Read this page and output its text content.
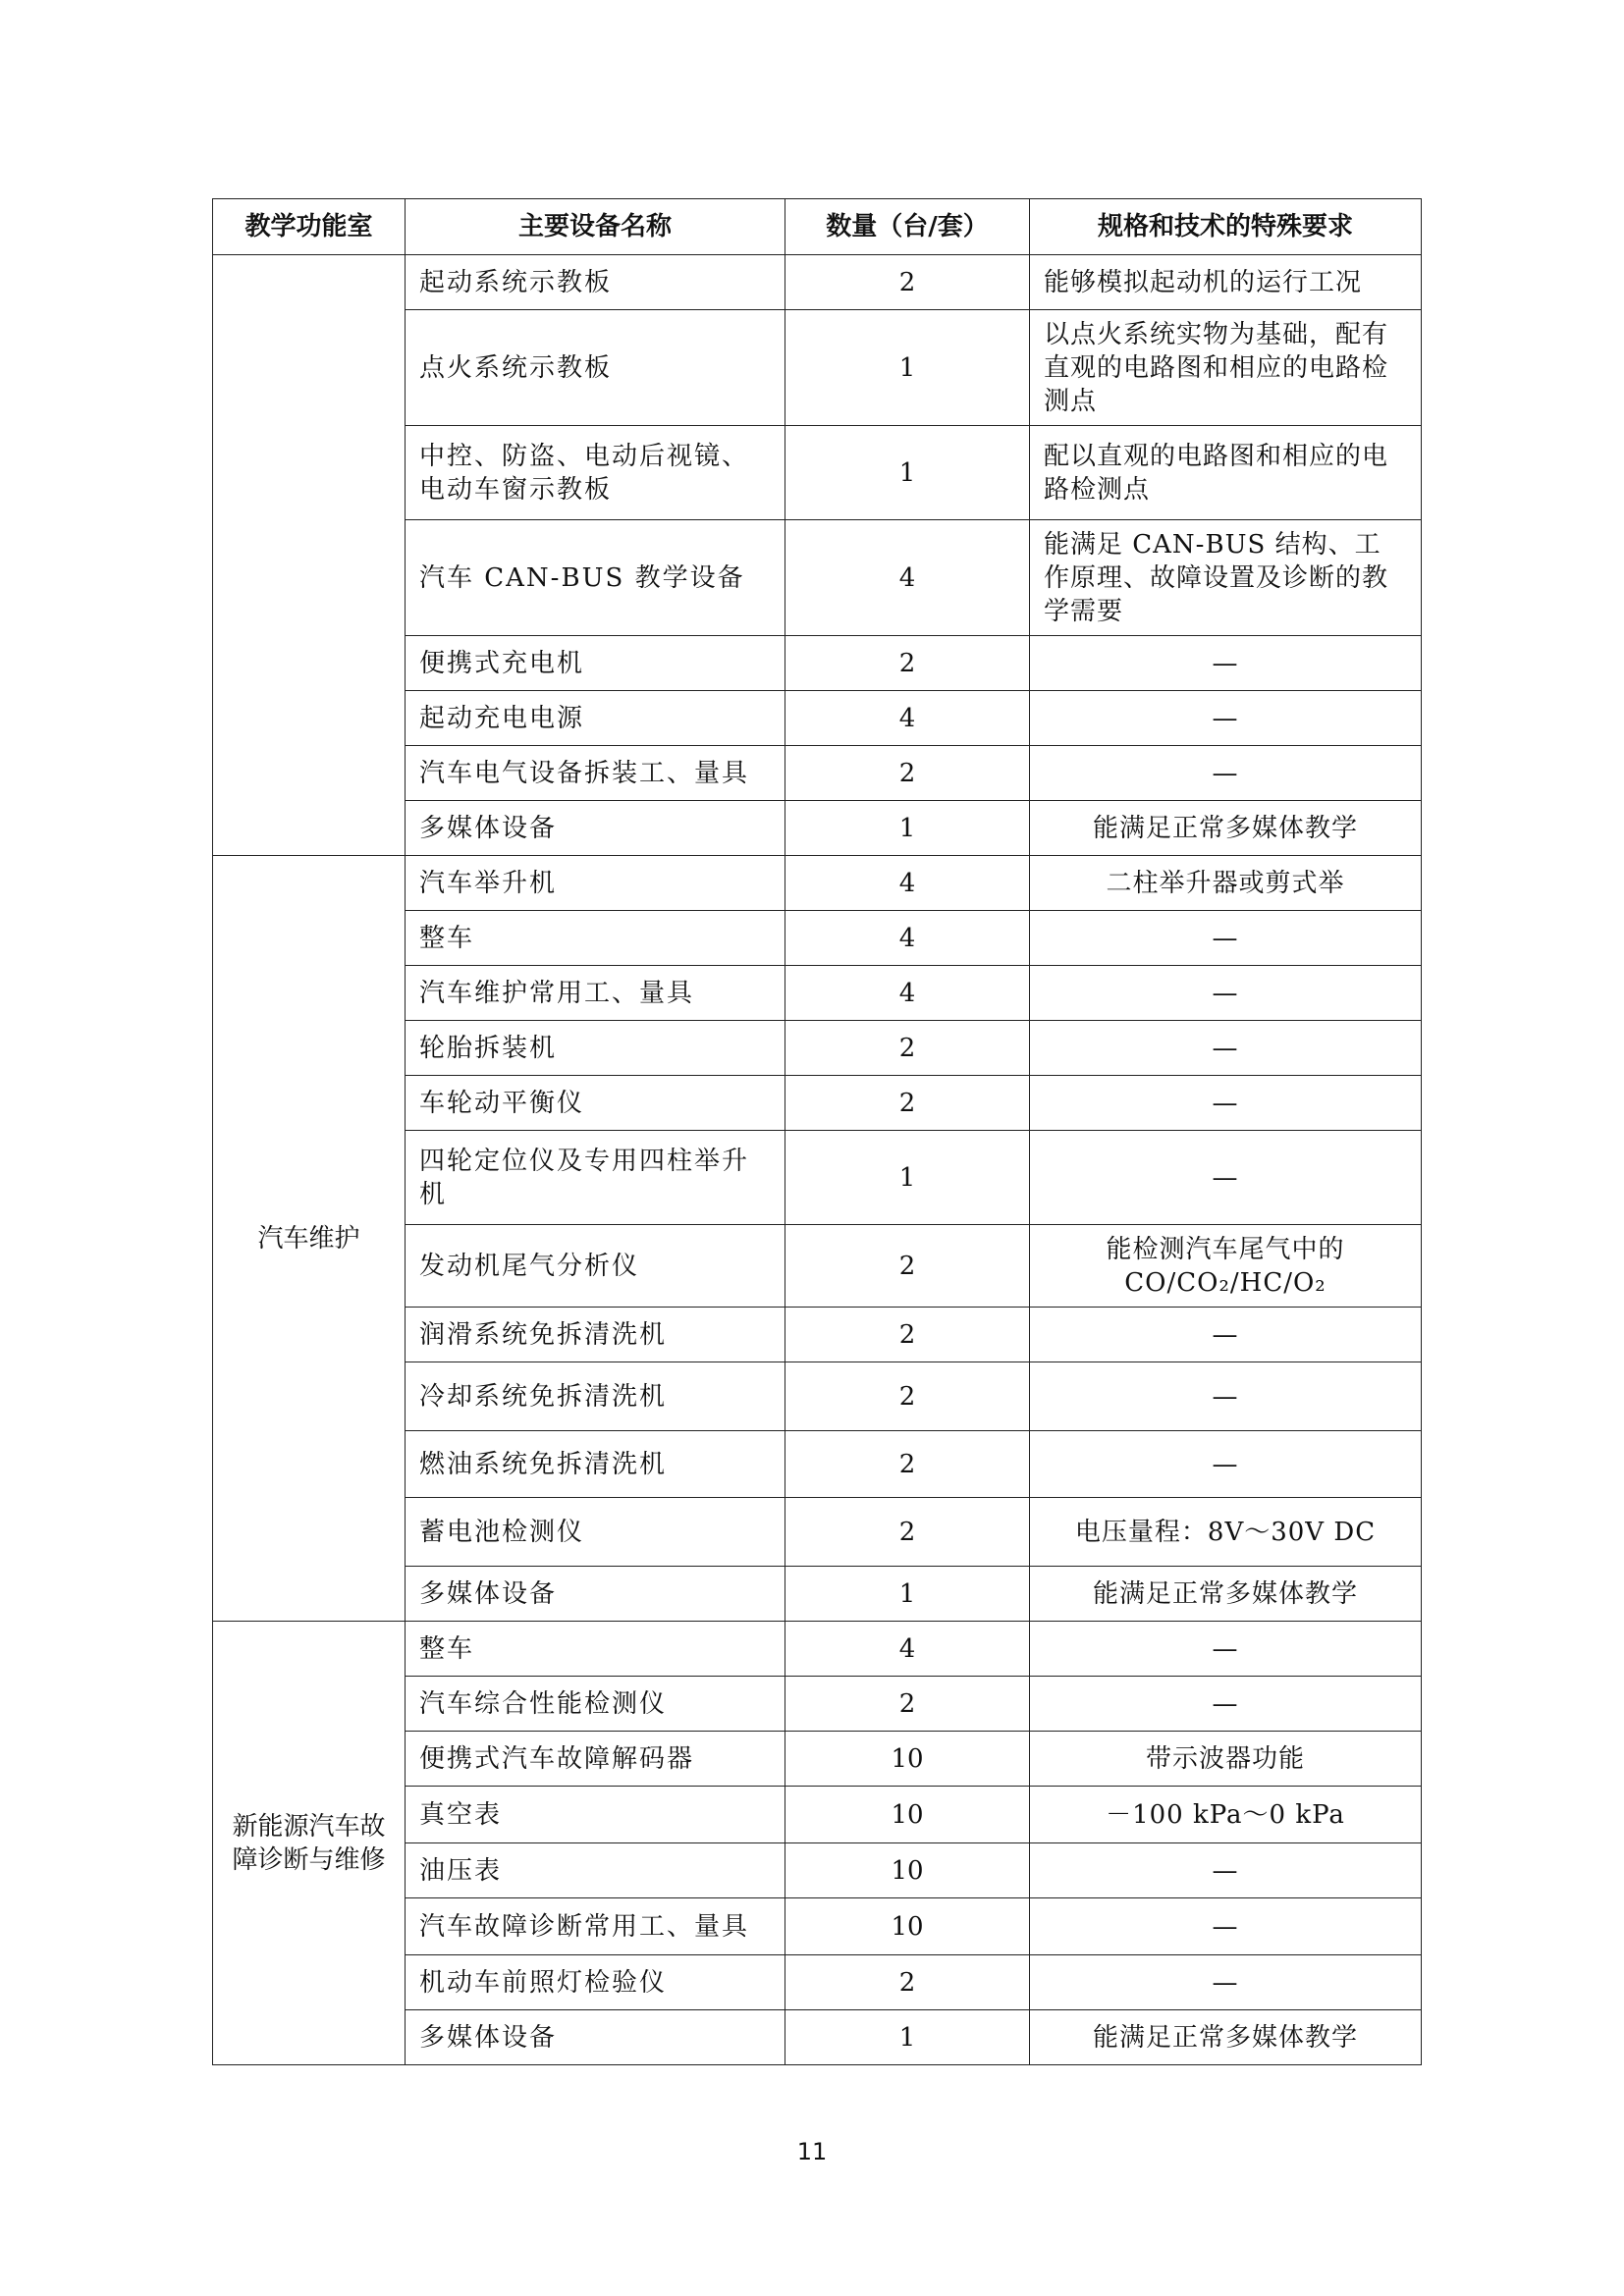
教学功能室	主要设备名称	数量（台/套）	规格和技术的特殊要求
	起动系统示教板	2	能够模拟起动机的运行工况
	点火系统示教板	1	以点火系统实物为基础，配有直观的电路图和相应的电路检测点
	中控、防盗、电动后视镜、电动车窗示教板	1	配以直观的电路图和相应的电路检测点
	汽车 CAN-BUS 教学设备	4	能满足 CAN-BUS 结构、工作原理、故障设置及诊断的教学需要
	便携式充电机	2	—
	起动充电电源	4	—
	汽车电气设备拆装工、量具	2	—
	多媒体设备	1	能满足正常多媒体教学
汽车维护	汽车举升机	4	二柱举升器或剪式举
	整车	4	—
	汽车维护常用工、量具	4	—
	轮胎拆装机	2	—
	车轮动平衡仪	2	—
	四轮定位仪及专用四柱举升机	1	—
	发动机尾气分析仪	2	能检测汽车尾气中的
CO/CO₂/HC/O₂

	润滑系统免拆清洗机	2	—
	冷却系统免拆清洗机	2	—
	燃油系统免拆清洗机	2	—
	蓄电池检测仪	2	电压量程：8V～30V DC
	多媒体设备	1	能满足正常多媒体教学
新能源汽车故障诊断与维修	整车	4	—
	汽车综合性能检测仪	2	—
	便携式汽车故障解码器	10	带示波器功能
	真空表	10	－100 kPa～0 kPa
	油压表	10	—
	汽车故障诊断常用工、量具	10	—
	机动车前照灯检验仪	2	—
	多媒体设备	1	能满足正常多媒体教学
11
